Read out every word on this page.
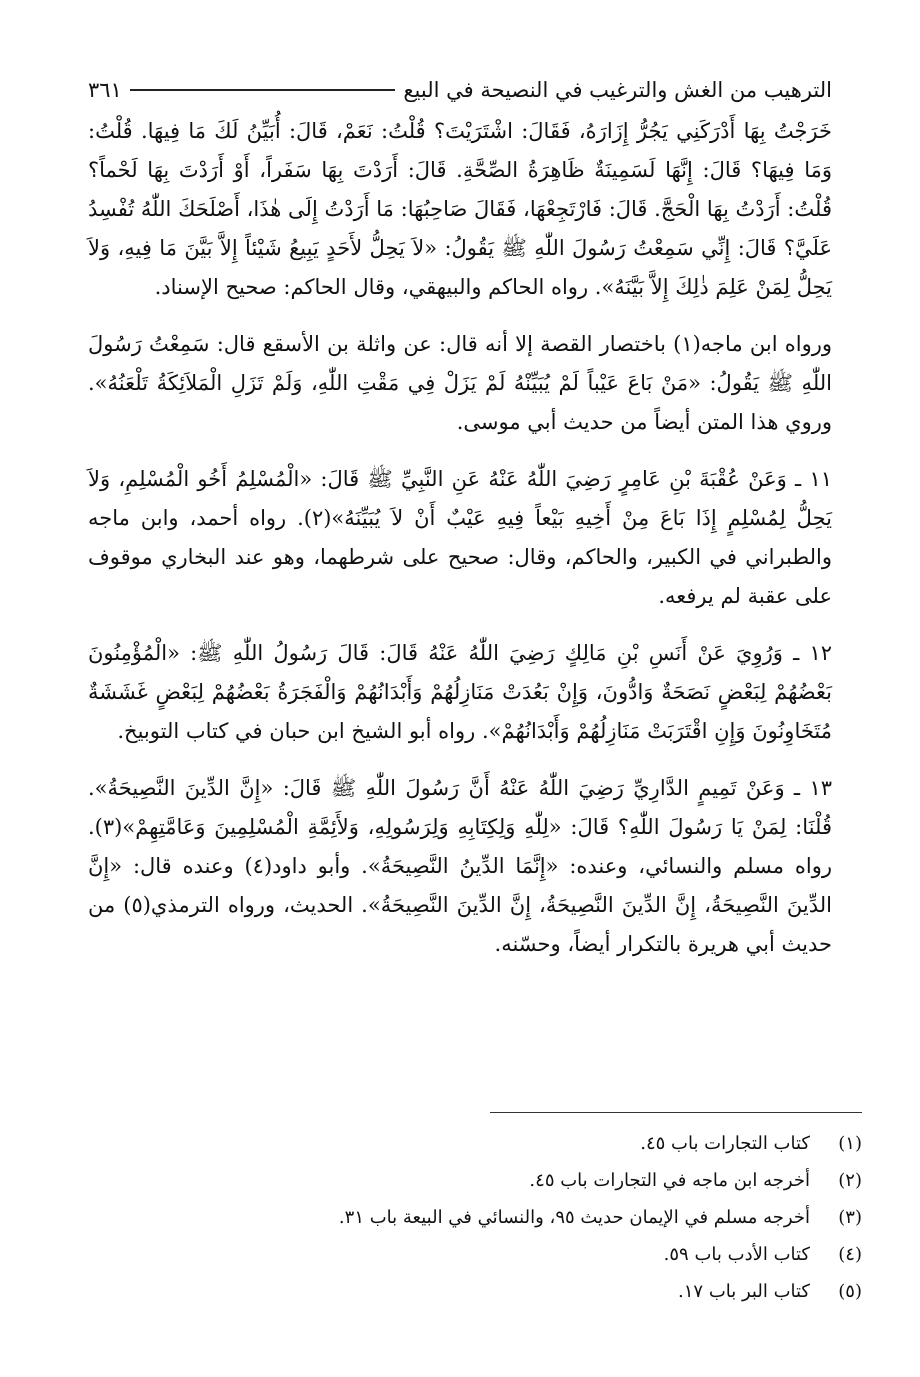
الترهيب من الغش والترغيب في النصيحة في البيع
٣٦١

خَرَجْتُ بِهَا أَدْرَكَنِي يَجُرُّ إِزَارَهُ، فَقَالَ: اشْتَرَيْتَ؟ قُلْتُ: نَعَمْ، قَالَ: أُبَيِّنُ لَكَ مَا فِيهَا. قُلْتُ: وَمَا فِيهَا؟ قَالَ: إِنَّهَا لَسَمِينَةٌ ظَاهِرَةُ الصِّحَّةِ. قَالَ: أَرَدْتَ بِهَا سَفَراً، أَوْ أَرَدْتَ بِهَا لَحْماً؟ قُلْتُ: أَرَدْتُ بِهَا الْحَجَّ. قَالَ: فَارْتَجِعْهَا، فَقَالَ صَاحِبُهَا: مَا أَرَدْتُ إِلَى هٰذَا، أَصْلَحَكَ اللّٰهُ تُفْسِدُ عَلَيَّ؟ قَالَ: إِنِّي سَمِعْتُ رَسُولَ اللّٰهِ ﷺ يَقُولُ: «لاَ يَحِلُّ لأَحَدٍ يَبِيعُ شَيْئاً إِلاَّ بَيَّنَ مَا فِيهِ، وَلاَ يَحِلُّ لِمَنْ عَلِمَ ذٰلِكَ إِلاَّ بَيَّنَهُ». رواه الحاكم والبيهقي، وقال الحاكم: صحيح الإسناد.

ورواه ابن ماجه(١) باختصار القصة إلا أنه قال: عن واثلة بن الأسقع قال: سَمِعْتُ رَسُولَ اللّٰهِ ﷺ يَقُولُ: «مَنْ بَاعَ عَيْباً لَمْ يُبَيِّنْهُ لَمْ يَزَلْ فِي مَقْتِ اللّٰهِ، وَلَمْ تَزَلِ الْمَلاَئِكَةُ تَلْعَنُهُ». وروي هذا المتن أيضاً من حديث أبي موسى.

١١ ـ وَعَنْ عُقْبَةَ بْنِ عَامِرٍ رَضِيَ اللّٰهُ عَنْهُ عَنِ النَّبِيِّ ﷺ قَالَ: «الْمُسْلِمُ أَخُو الْمُسْلِمِ، وَلاَ يَحِلُّ لِمُسْلِمٍ إِذَا بَاعَ مِنْ أَخِيهِ بَيْعاً فِيهِ عَيْبٌ أَنْ لاَ يُبَيِّنَهُ»(٢). رواه أحمد، وابن ماجه والطبراني في الكبير، والحاكم، وقال: صحيح على شرطهما، وهو عند البخاري موقوف على عقبة لم يرفعه.

١٢ ـ وَرُوِيَ عَنْ أَنَسِ بْنِ مَالِكٍ رَضِيَ اللّٰهُ عَنْهُ قَالَ: قَالَ رَسُولُ اللّٰهِ ﷺ: «الْمُؤْمِنُونَ بَعْضُهُمْ لِبَعْضٍ نَصَحَةٌ وَادُّونَ، وَإِنْ بَعُدَتْ مَنَازِلُهُمْ وَأَبْدَانُهُمْ وَالْفَجَرَةُ بَعْضُهُمْ لِبَعْضٍ غَشَشَةٌ مُتَخَاوِنُونَ وَإِنِ اقْتَرَبَتْ مَنَازِلُهُمْ وَأَبْدَانُهُمْ». رواه أبو الشيخ ابن حبان في كتاب التوبيخ.

١٣ ـ وَعَنْ تَمِيمٍ الدَّارِيِّ رَضِيَ اللّٰهُ عَنْهُ أَنَّ رَسُولَ اللّٰهِ ﷺ قَالَ: «إِنَّ الدِّينَ النَّصِيحَةُ». قُلْنَا: لِمَنْ يَا رَسُولَ اللّٰهِ؟ قَالَ: «لِلّٰهِ وَلِكِتَابِهِ وَلِرَسُولِهِ، وَلأَئِمَّةِ الْمُسْلِمِينَ وَعَامَّتِهِمْ»(٣). رواه مسلم والنسائي، وعنده: «إِنَّمَا الدِّينُ النَّصِيحَةُ». وأبو داود(٤) وعنده قال: «إِنَّ الدِّينَ النَّصِيحَةُ، إِنَّ الدِّينَ النَّصِيحَةُ، إِنَّ الدِّينَ النَّصِيحَةُ». الحديث، ورواه الترمذي(٥) من حديث أبي هريرة بالتكرار أيضاً، وحسّنه.

(١)
كتاب التجارات باب ٤٥.
(٢)
أخرجه ابن ماجه في التجارات باب ٤٥.
(٣)
أخرجه مسلم في الإيمان حديث ٩٥، والنسائي في البيعة باب ٣١.
(٤)
كتاب الأدب باب ٥٩.
(٥)
كتاب البر باب ١٧.
